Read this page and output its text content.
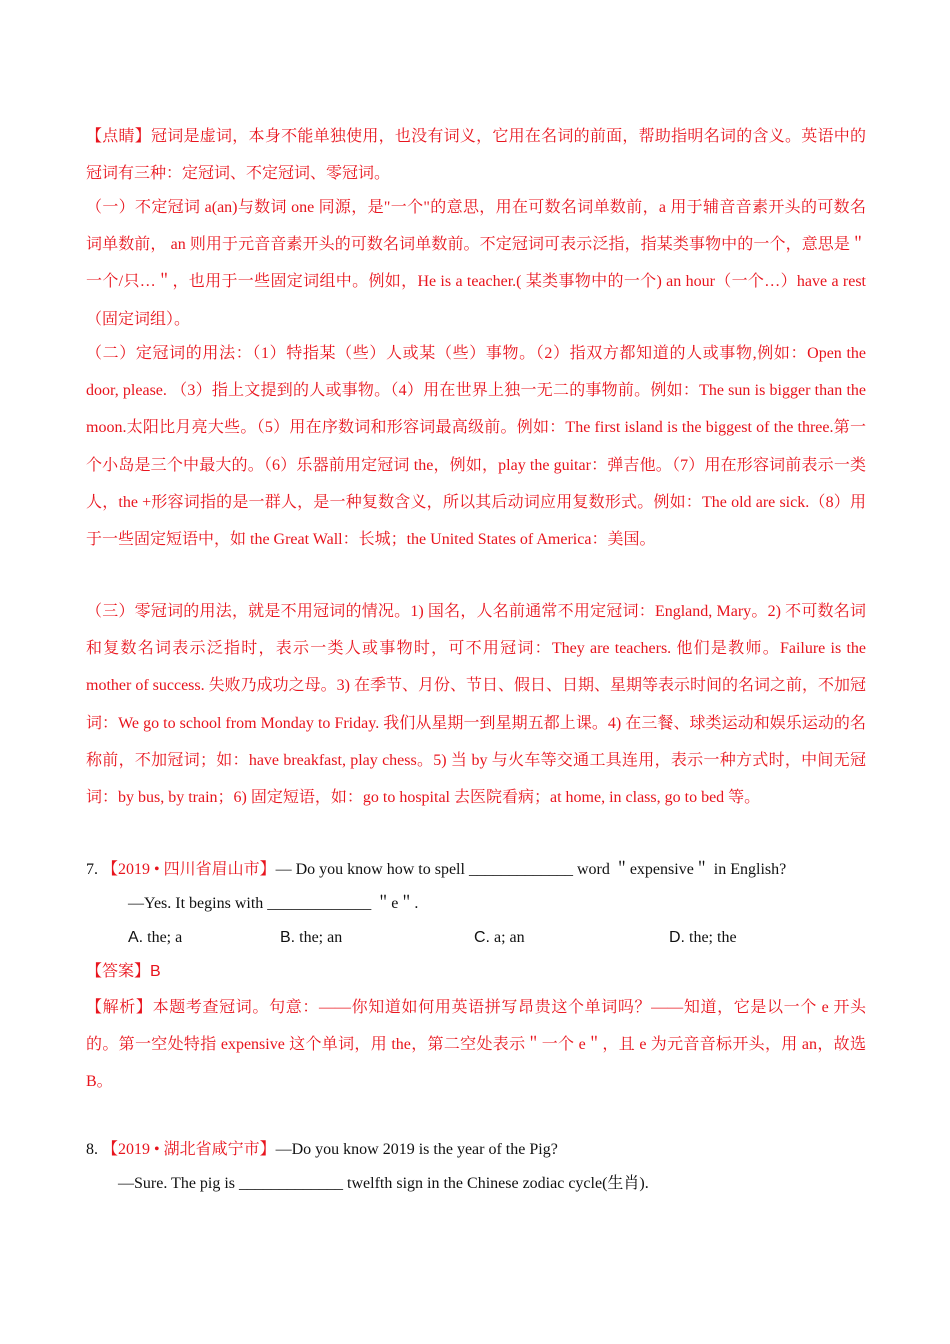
【点睛】冠词是虚词，本身不能单独使用，也没有词义，它用在名词的前面，帮助指明名词的含义。英语中的冠词有三种：定冠词、不定冠词、零冠词。
（一）不定冠词 a(an)与数词 one 同源，是"一个"的意思，用在可数名词单数前，a 用于辅音音素开头的可数名词单数前， an 则用于元音音素开头的可数名词单数前。不定冠词可表示泛指，指某类事物中的一个，意思是＂一个/只…＂，也用于一些固定词组中。例如，He is a teacher.( 某类事物中的一个) an hour（一个…）have a rest（固定词组）。
（二）定冠词的用法：（1）特指某（些）人或某（些）事物。（2）指双方都知道的人或事物,例如：Open the door, please. （3）指上文提到的人或事物。（4）用在世界上独一无二的事物前。例如：The sun is bigger than the moon.太阳比月亮大些。（5）用在序数词和形容词最高级前。例如：The first island is the biggest of the three.第一个小岛是三个中最大的。（6）乐器前用定冠词 the，例如，play the guitar：弹吉他。（7）用在形容词前表示一类人，the +形容词指的是一群人，是一种复数含义，所以其后动词应用复数形式。例如：The old are sick.（8）用于一些固定短语中，如 the Great Wall：长城；the United States of America：美国。
（三）零冠词的用法，就是不用冠词的情况。1) 国名，人名前通常不用定冠词：England, Mary。2) 不可数名词和复数名词表示泛指时，表示一类人或事物时，可不用冠词：They are teachers. 他们是教师。Failure is the mother of success. 失败乃成功之母。3) 在季节、月份、节日、假日、日期、星期等表示时间的名词之前，不加冠词：We go to school from Monday to Friday. 我们从星期一到星期五都上课。4) 在三餐、球类运动和娱乐运动的名称前，不加冠词；如：have breakfast, play chess。5) 当 by 与火车等交通工具连用，表示一种方式时，中间无冠词：by bus, by train；6) 固定短语，如：go to hospital 去医院看病；at home, in class, go to bed 等。
7. 【2019 • 四川省眉山市】— Do you know how to spell _____________ word ＂expensive＂ in English?
—Yes. It begins with _____________ ＂e＂.
A. the; a	B. the; an	C. a; an	D. the; the
【答案】B
【解析】本题考查冠词。句意：——你知道如何用英语拼写昂贵这个单词吗？——知道，它是以一个 e 开头的。第一空处特指 expensive 这个单词，用 the，第二空处表示＂一个 e＂，且 e 为元音音标开头，用 an，故选 B。
8. 【2019 • 湖北省咸宁市】—Do you know 2019 is the year of the Pig?
—Sure. The pig is _____________ twelfth sign in the Chinese zodiac cycle(生肖).
